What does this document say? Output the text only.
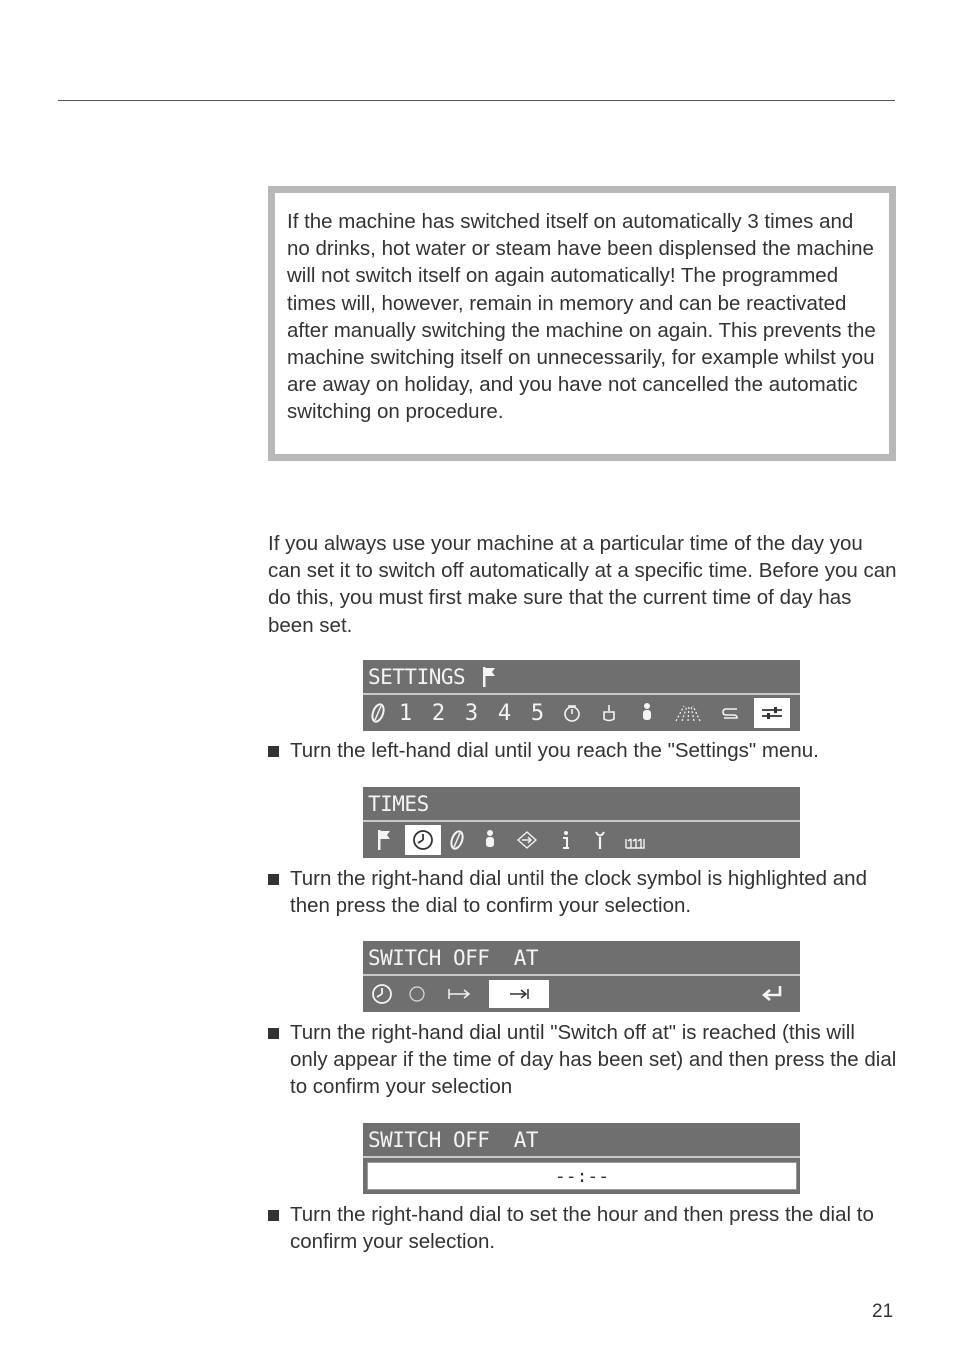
If the machine has switched itself on automatically 3 times and no drinks, hot water or steam have been displensed the machine will not switch itself on again automatically! The programmed times will, however, remain in memory and can be reactivated after manually switching the machine on again. This prevents the machine switching itself on unnecessarily, for example whilst you are away on holiday, and you have not cancelled the automatic switching on procedure.

If you always use your machine at a particular time of the day you can set it to switch off automatically at a specific time. Before you can do this, you must first make sure that the current time of day has been set.

SETTINGS
1 2 3 4 5
Turn the left-hand dial until you reach the "Settings" menu.
TIMES
Turn the right-hand dial until the clock symbol is highlighted and then press the dial to confirm your selection.
SWITCH OFF  AT
Turn the right-hand dial until "Switch off at" is reached (this will only appear if the time of day has been set) and then press the dial to confirm your selection
SWITCH OFF  AT
--:--
Turn the right-hand dial to set the hour and then press the dial to confirm your selection.
21
